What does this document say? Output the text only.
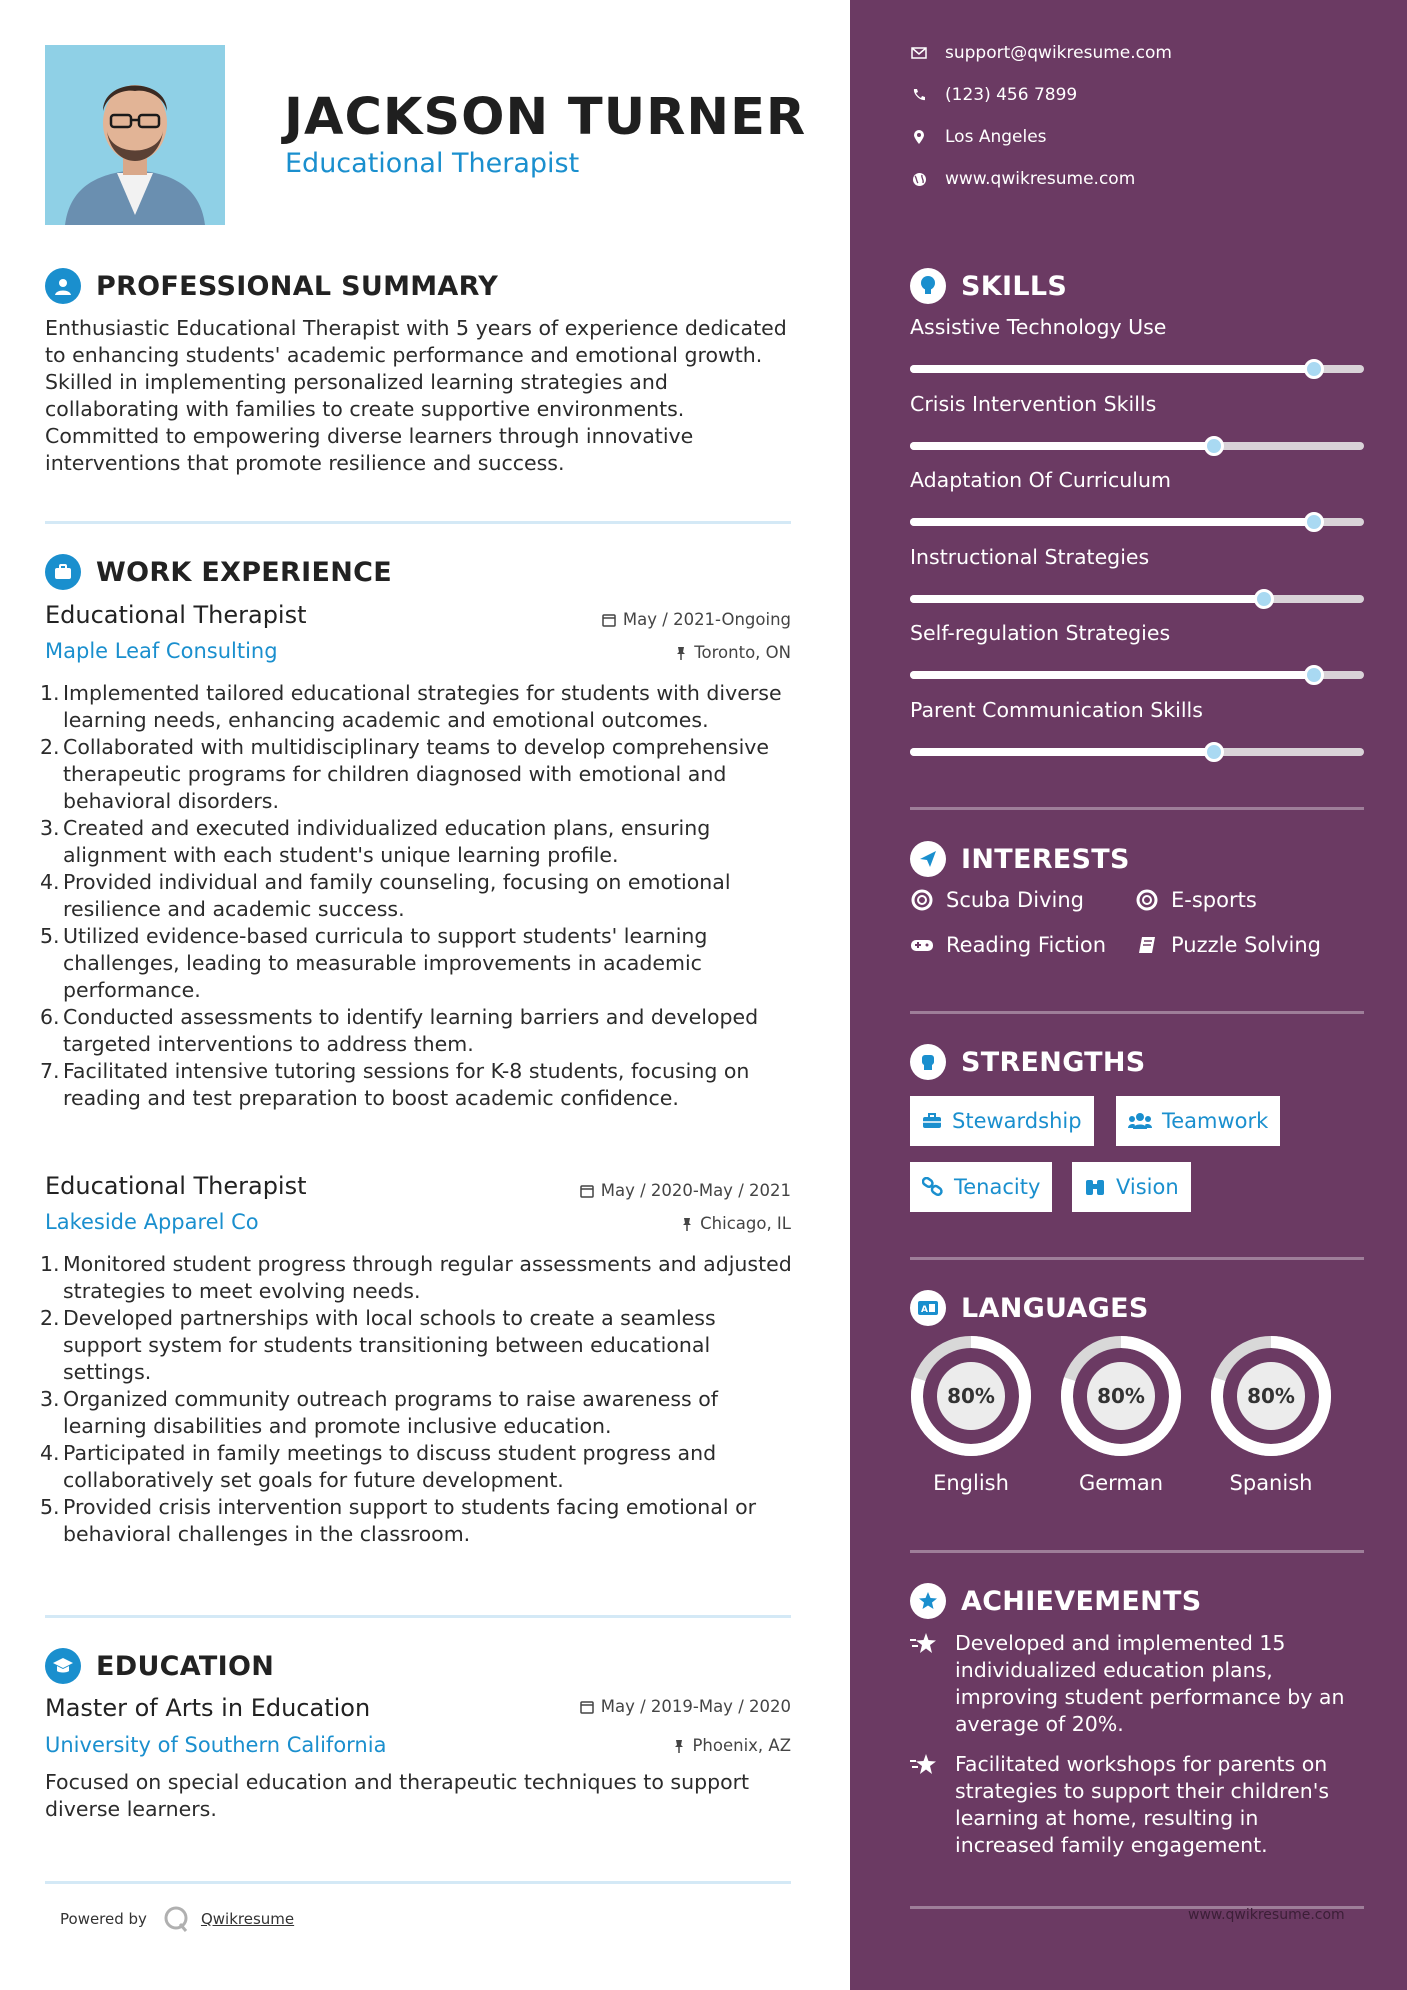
JACKSON TURNER
Educational Therapist
PROFESSIONAL SUMMARY
Enthusiastic Educational Therapist with 5 years of experience dedicated to enhancing students' academic performance and emotional growth. Skilled in implementing personalized learning strategies and collaborating with families to create supportive environments. Committed to empowering diverse learners through innovative interventions that promote resilience and success.
WORK EXPERIENCE
Educational Therapist	May / 2021-Ongoing
Maple Leaf Consulting	Toronto, ON
1. Implemented tailored educational strategies for students with diverse learning needs, enhancing academic and emotional outcomes.
2. Collaborated with multidisciplinary teams to develop comprehensive therapeutic programs for children diagnosed with emotional and behavioral disorders.
3. Created and executed individualized education plans, ensuring alignment with each student's unique learning profile.
4. Provided individual and family counseling, focusing on emotional resilience and academic success.
5. Utilized evidence-based curricula to support students' learning challenges, leading to measurable improvements in academic performance.
6. Conducted assessments to identify learning barriers and developed targeted interventions to address them.
7. Facilitated intensive tutoring sessions for K-8 students, focusing on reading and test preparation to boost academic confidence.
Educational Therapist	May / 2020-May / 2021
Lakeside Apparel Co	Chicago, IL
1. Monitored student progress through regular assessments and adjusted strategies to meet evolving needs.
2. Developed partnerships with local schools to create a seamless support system for students transitioning between educational settings.
3. Organized community outreach programs to raise awareness of learning disabilities and promote inclusive education.
4. Participated in family meetings to discuss student progress and collaboratively set goals for future development.
5. Provided crisis intervention support to students facing emotional or behavioral challenges in the classroom.
EDUCATION
Master of Arts in Education	May / 2019-May / 2020
University of Southern California	Phoenix, AZ
Focused on special education and therapeutic techniques to support diverse learners.
Powered by	Qwikresume
support@qwikresume.com
(123) 456 7899
Los Angeles
www.qwikresume.com
SKILLS
Assistive Technology Use
Crisis Intervention Skills
Adaptation Of Curriculum
Instructional Strategies
Self-regulation Strategies
Parent Communication Skills
INTERESTS
Scuba Diving	E-sports
Reading Fiction	Puzzle Solving
STRENGTHS
Stewardship	Teamwork
Tenacity	Vision
A LANGUAGES
80%
English
80%
German
80%
Spanish
ACHIEVEMENTS
Developed and implemented 15 individualized education plans, improving student performance by an average of 20%.
Facilitated workshops for parents on strategies to support their children's learning at home, resulting in increased family engagement.
www.qwikresume.com
